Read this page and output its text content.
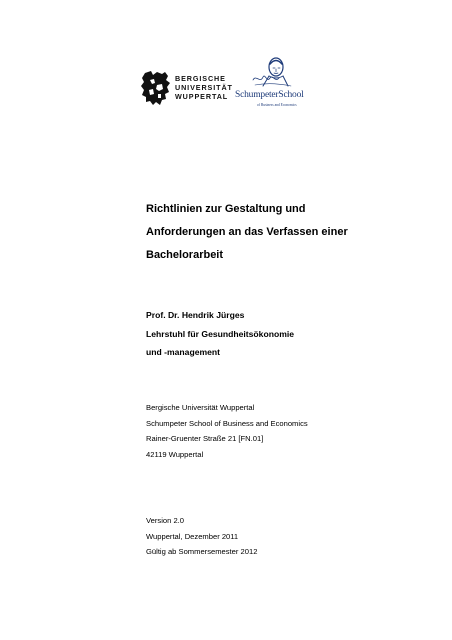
BERGISCHE
UNIVERSITÄT
WUPPERTAL SchumpeterSchool
of Business and Economics
Richtlinien zur Gestaltung und
Anforderungen an das Verfassen einer
Bachelorarbeit
Prof. Dr. Hendrik Jürges
Lehrstuhl für Gesundheitsökonomie
und -management
Bergische Universität Wuppertal
Schumpeter School of Business and Economics
Rainer-Gruenter Straße 21 [FN.01]
42119 Wuppertal
Version 2.0
Wuppertal, Dezember 2011
Gültig ab Sommersemester 2012
